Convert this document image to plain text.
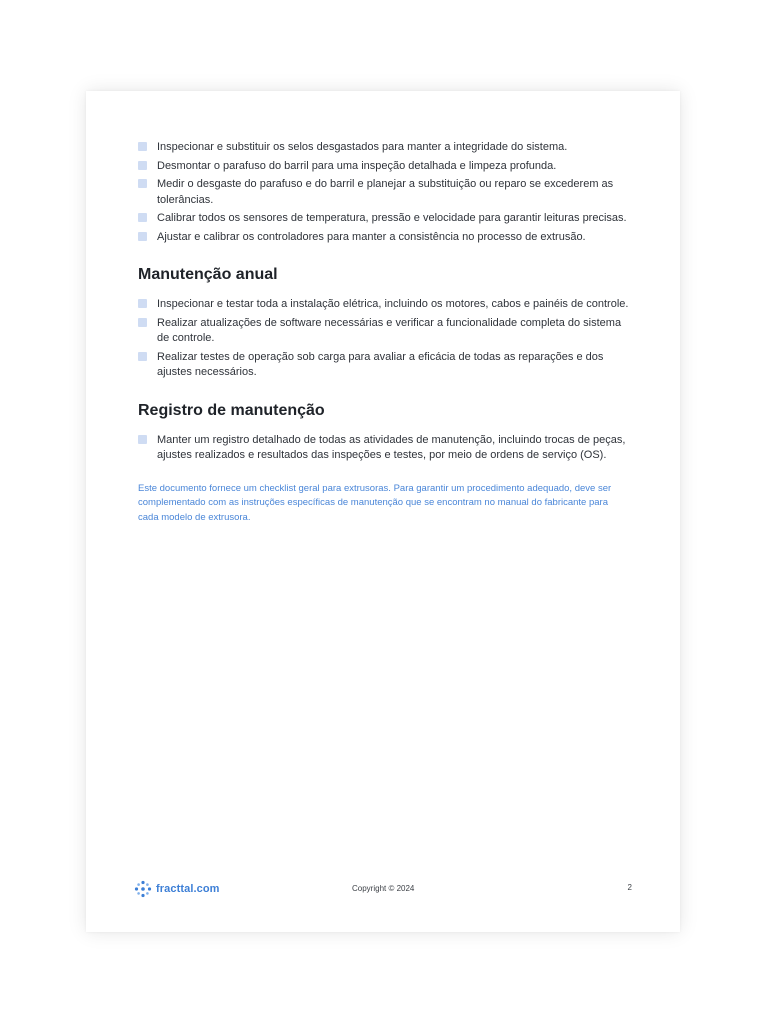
Inspecionar e substituir os selos desgastados para manter a integridade do sistema.
Desmontar o parafuso do barril para uma inspeção detalhada e limpeza profunda.
Medir o desgaste do parafuso e do barril e planejar a substituição ou reparo se excederem as tolerâncias.
Calibrar todos os sensores de temperatura, pressão e velocidade para garantir leituras precisas.
Ajustar e calibrar os controladores para manter a consistência no processo de extrusão.
Manutenção anual
Inspecionar e testar toda a instalação elétrica, incluindo os motores, cabos e painéis de controle.
Realizar atualizações de software necessárias e verificar a funcionalidade completa do sistema de controle.
Realizar testes de operação sob carga para avaliar a eficácia de todas as reparações e dos ajustes necessários.
Registro de manutenção
Manter um registro detalhado de todas as atividades de manutenção, incluindo trocas de peças, ajustes realizados e resultados das inspeções e testes, por meio de ordens de serviço (OS).

Este documento fornece um checklist geral para extrusoras. Para garantir um procedimento adequado, deve ser complementado com as instruções específicas de manutenção que se encontram no manual do fabricante para cada modelo de extrusora.

fracttal.com	Copyright © 2024	2
